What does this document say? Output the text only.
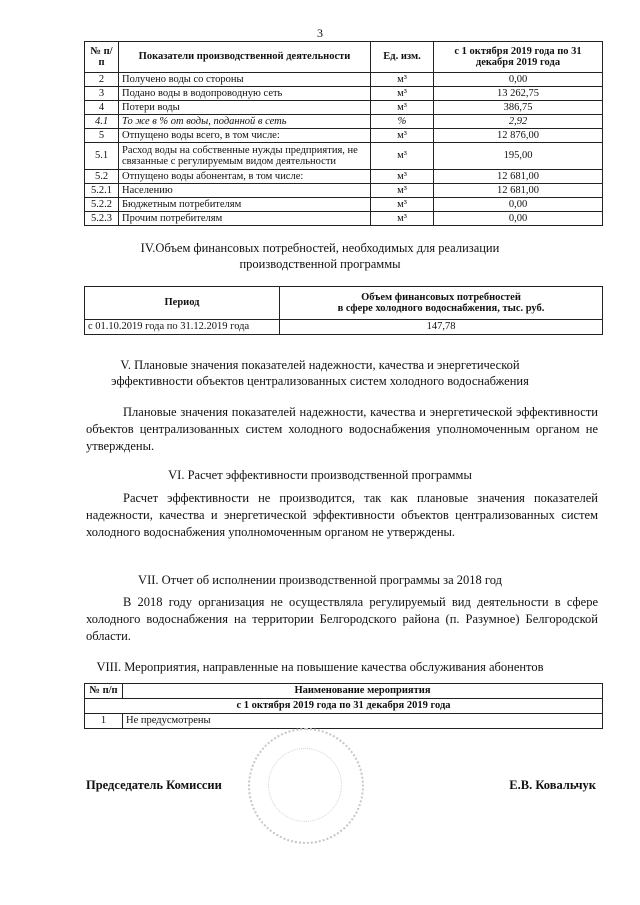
3
№ п/п	Показатели производственной деятельности	Ед. изм.	с 1 октября 2019 года по 31 декабря 2019 года
2	Получено воды со стороны	м³	0,00
3	Подано воды в водопроводную сеть	м³	13 262,75
4	Потери воды	м³	386,75
4.1	То же в % от воды, поданной в сеть	%	2,92
5	Отпущено воды всего, в том числе:	м³	12 876,00
5.1	Расход воды на собственные нужды предприятия, не связанные с регулируемым видом деятельности	м³	195,00
5.2	Отпущено воды абонентам, в том числе:	м³	12 681,00
5.2.1	Населению	м³	12 681,00
5.2.2	Бюджетным потребителям	м³	0,00
5.2.3	Прочим потребителям	м³	0,00
IV.Объем финансовых потребностей, необходимых для реализации
производственной программы
Период	Объем финансовых потребностей
в сфере холодного водоснабжения, тыс. руб.

с 01.10.2019 года по 31.12.2019 года	147,78
V. Плановые значения показателей надежности, качества и энергетической
эффективности объектов централизованных систем холодного водоснабжения
Плановые значения показателей надежности, качества и энергетической эффективности объектов централизованных систем холодного водоснабжения уполномоченным органом не утверждены.
VI. Расчет эффективности производственной программы
Расчет эффективности не производится, так как плановые значения показателей надежности, качества и энергетической эффективности объектов централизованных систем холодного водоснабжения уполномоченным органом не утверждены.
VII. Отчет об исполнении производственной программы за 2018 год
В 2018 году организация не осуществляла регулируемый вид деятельности в сфере холодного водоснабжения на территории Белгородского района (п. Разумное) Белгородской области.
VIII. Мероприятия, направленные на повышение качества обслуживания абонентов
№ п/п	Наименование мероприятия
с 1 октября 2019 года по 31 декабря 2019 года	
1	Не предусмотрены
Председатель Комиссии	Е.В. Ковальчук
